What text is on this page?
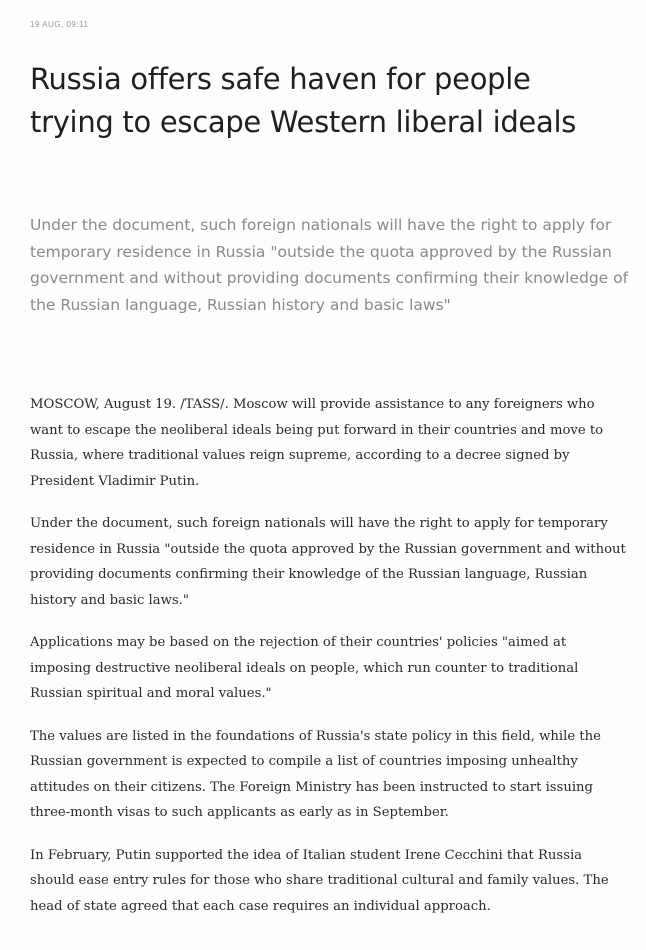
19 AUG, 09:11
Russia offers safe haven for people trying to escape Western liberal ideals

Under the document, such foreign nationals will have the right to apply for temporary residence in Russia "outside the quota approved by the Russian government and without providing documents confirming their knowledge of the Russian language, Russian history and basic laws"

MOSCOW, August 19. /TASS/. Moscow will provide assistance to any foreigners who want to escape the neoliberal ideals being put forward in their countries and move to Russia, where traditional values reign supreme, according to a decree signed by President Vladimir Putin.

Under the document, such foreign nationals will have the right to apply for temporary residence in Russia "outside the quota approved by the Russian government and without providing documents confirming their knowledge of the Russian language, Russian history and basic laws."

Applications may be based on the rejection of their countries' policies "aimed at imposing destructive neoliberal ideals on people, which run counter to traditional Russian spiritual and moral values."

The values are listed in the foundations of Russia's state policy in this field, while the Russian government is expected to compile a list of countries imposing unhealthy attitudes on their citizens. The Foreign Ministry has been instructed to start issuing three-month visas to such applicants as early as in September.

In February, Putin supported the idea of Italian student Irene Cecchini that Russia should ease entry rules for those who share traditional cultural and family values. The head of state agreed that each case requires an individual approach.
